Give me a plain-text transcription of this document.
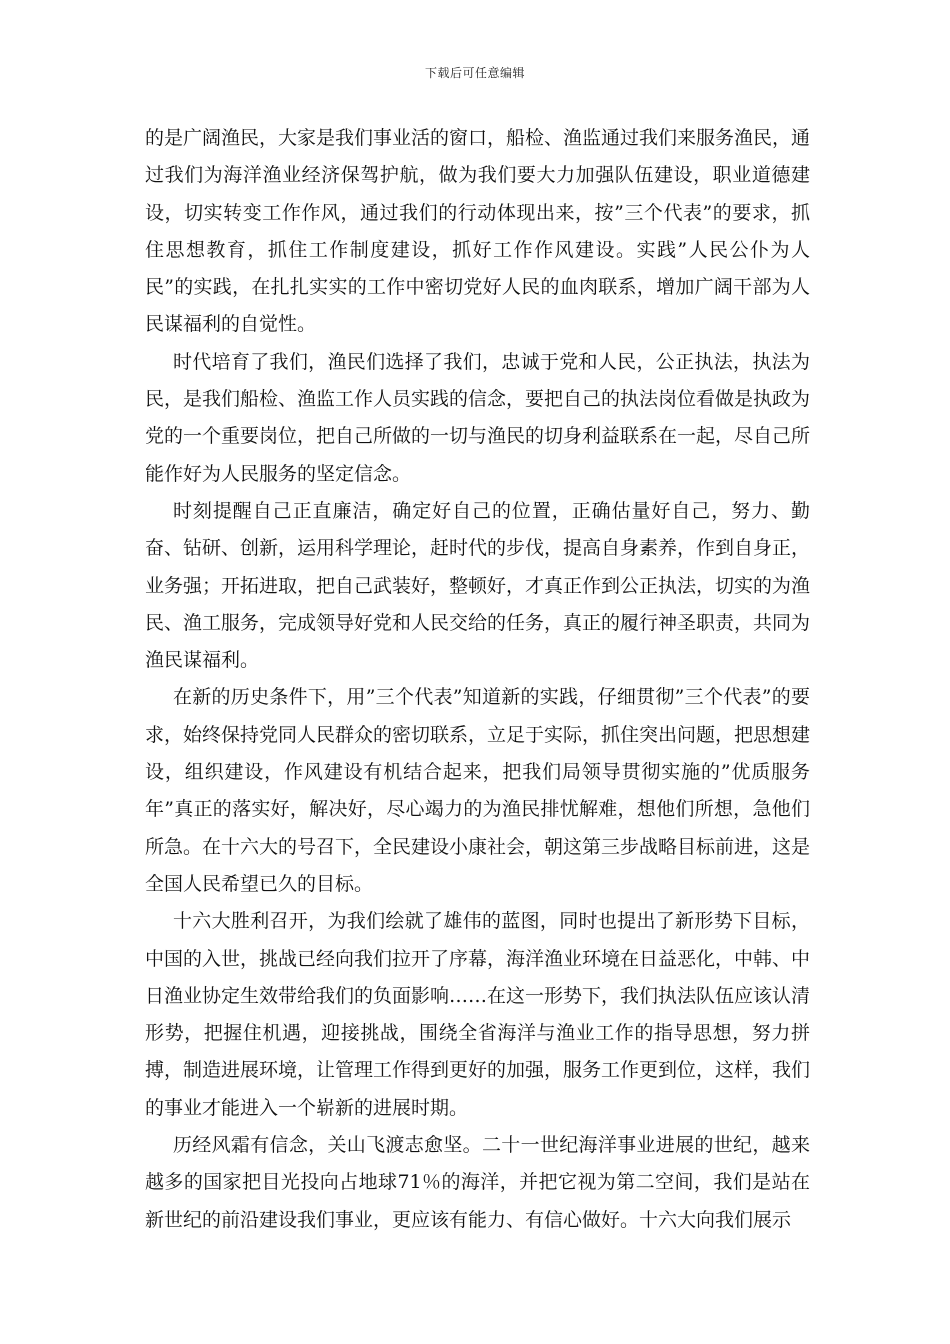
下载后可任意编辑

的是广阔渔民，大家是我们事业活的窗口，船检、渔监通过我们来服务渔民，通过我们为海洋渔业经济保驾护航，做为我们要大力加强队伍建设，职业道德建设，切实转变工作作风，通过我们的行动体现出来，按”三个代表”的要求，抓住思想教育，抓住工作制度建设，抓好工作作风建设。实践”人民公仆为人民”的实践，在扎扎实实的工作中密切党好人民的血肉联系，增加广阔干部为人民谋福利的自觉性。

时代培育了我们，渔民们选择了我们，忠诚于党和人民，公正执法，执法为民，是我们船检、渔监工作人员实践的信念，要把自己的执法岗位看做是执政为党的一个重要岗位，把自己所做的一切与渔民的切身利益联系在一起，尽自己所能作好为人民服务的坚定信念。

时刻提醒自己正直廉洁，确定好自己的位置，正确估量好自己，努力、勤奋、钻研、创新，运用科学理论，赶时代的步伐，提高自身素养，作到自身正，业务强；开拓进取，把自己武装好，整顿好，才真正作到公正执法，切实的为渔民、渔工服务，完成领导好党和人民交给的任务，真正的履行神圣职责，共同为渔民谋福利。

在新的历史条件下，用”三个代表”知道新的实践，仔细贯彻”三个代表”的要求，始终保持党同人民群众的密切联系，立足于实际，抓住突出问题，把思想建设，组织建设，作风建设有机结合起来，把我们局领导贯彻实施的”优质服务年”真正的落实好，解决好，尽心竭力的为渔民排忧解难，想他们所想，急他们所急。在十六大的号召下，全民建设小康社会，朝这第三步战略目标前进，这是全国人民希望已久的目标。

十六大胜利召开，为我们绘就了雄伟的蓝图，同时也提出了新形势下目标，中国的入世，挑战已经向我们拉开了序幕，海洋渔业环境在日益恶化，中韩、中日渔业协定生效带给我们的负面影响……在这一形势下，我们执法队伍应该认清形势，把握住机遇，迎接挑战，围绕全省海洋与渔业工作的指导思想，努力拼搏，制造进展环境，让管理工作得到更好的加强，服务工作更到位，这样，我们的事业才能进入一个崭新的进展时期。

历经风霜有信念，关山飞渡志愈坚。二十一世纪海洋事业进展的世纪，越来越多的国家把目光投向占地球71％的海洋，并把它视为第二空间，我们是站在新世纪的前沿建设我们事业，更应该有能力、有信心做好。十六大向我们展示
